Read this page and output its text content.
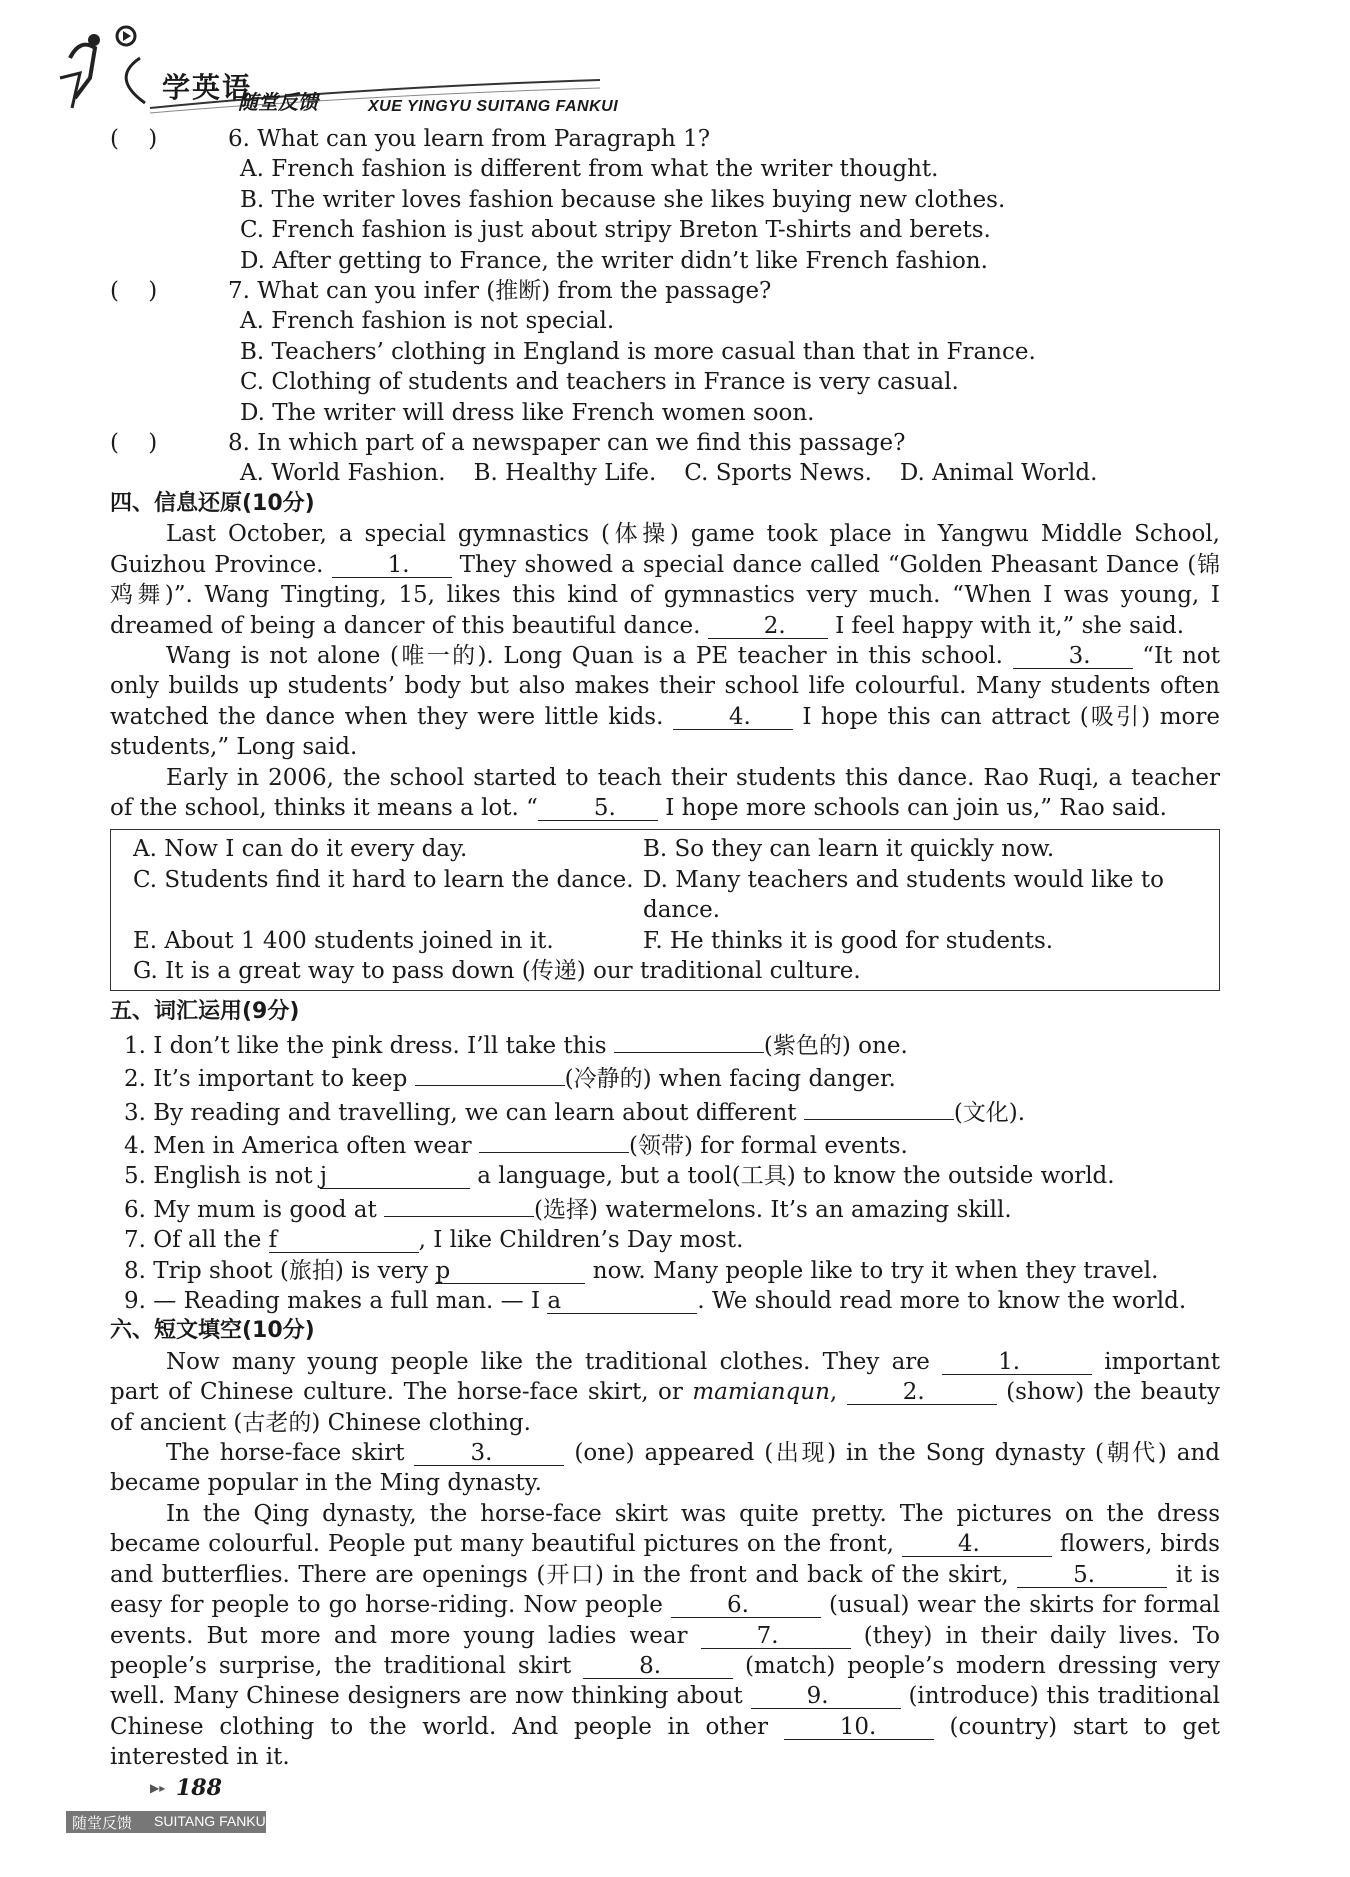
学英语
随堂反馈	XUE YINGYU SUITANG FANKUI
(    )	6. What can you learn from Paragraph 1?
A. French fashion is different from what the writer thought.
B. The writer loves fashion because she likes buying new clothes.
C. French fashion is just about stripy Breton T-shirts and berets.
D. After getting to France, the writer didn’t like French fashion.
(    )	7. What can you infer (推断) from the passage?
A. French fashion is not special.
B. Teachers’ clothing in England is more casual than that in France.
C. Clothing of students and teachers in France is very casual.
D. The writer will dress like French women soon.
(    )	8. In which part of a newspaper can we find this passage?
A. World Fashion. B. Healthy Life. C. Sports News. D. Animal World.
四、信息还原(10分)
Last October, a special gymnastics (体操) game took place in Yangwu Middle School, Guizhou Province. 1. They showed a special dance called “Golden Pheasant Dance (锦鸡舞)”. Wang Tingting, 15, likes this kind of gymnastics very much. “When I was young, I dreamed of being a dancer of this beautiful dance. 2. I feel happy with it,” she said.
Wang is not alone (唯一的). Long Quan is a PE teacher in this school. 3. “It not only builds up students’ body but also makes their school life colourful. Many students often watched the dance when they were little kids. 4. I hope this can attract (吸引) more students,” Long said.
Early in 2006, the school started to teach their students this dance. Rao Ruqi, a teacher of the school, thinks it means a lot. “ 5. I hope more schools can join us,” Rao said.
A. Now I can do it every day.	B. So they can learn it quickly now.
C. Students find it hard to learn the dance. D. Many teachers and students would like to dance.
E. About 1 400 students joined in it.	F. He thinks it is good for students.
G. It is a great way to pass down (传递) our traditional culture.
五、词汇运用(9分)
1. I don’t like the pink dress. I’ll take this	(紫色的) one.
2. It’s important to keep	(冷静的) when facing danger.
3. By reading and travelling, we can learn about different	(文化).
4. Men in America often wear	(领带) for formal events.
5. English is not j	a language, but a tool(工具) to know the outside world.
6. My mum is good at	(选择) watermelons. It’s an amazing skill.
7. Of all the f	, I like Children’s Day most.
8. Trip shoot (旅拍) is very p	now. Many people like to try it when they travel.
9. — Reading makes a full man. — I a	. We should read more to know the world.
六、短文填空(10分)
Now many young people like the traditional clothes. They are 1.	important part of Chinese culture. The horse-face skirt, or mamianqun, 2.	(show) the beauty of ancient (古老的) Chinese clothing.
The horse-face skirt 3.	(one) appeared (出现) in the Song dynasty (朝代) and became popular in the Ming dynasty.
In the Qing dynasty, the horse-face skirt was quite pretty. The pictures on the dress became colourful. People put many beautiful pictures on the front, 4.	flowers, birds and butterflies. There are openings (开口) in the front and back of the skirt, 5.	it is easy for people to go horse-riding. Now people 6.	(usual) wear the skirts for formal events. But more and more young ladies wear 7.	(they) in their daily lives. To people’s surprise, the traditional skirt 8.	(match) people’s modern dressing very well. Many Chinese designers are now thinking about 9.	(introduce) this traditional Chinese clothing to the world. And people in other 10. (country) start to get interested in it.
▶▸ 188
随堂反馈 SUITANG FANKUI
